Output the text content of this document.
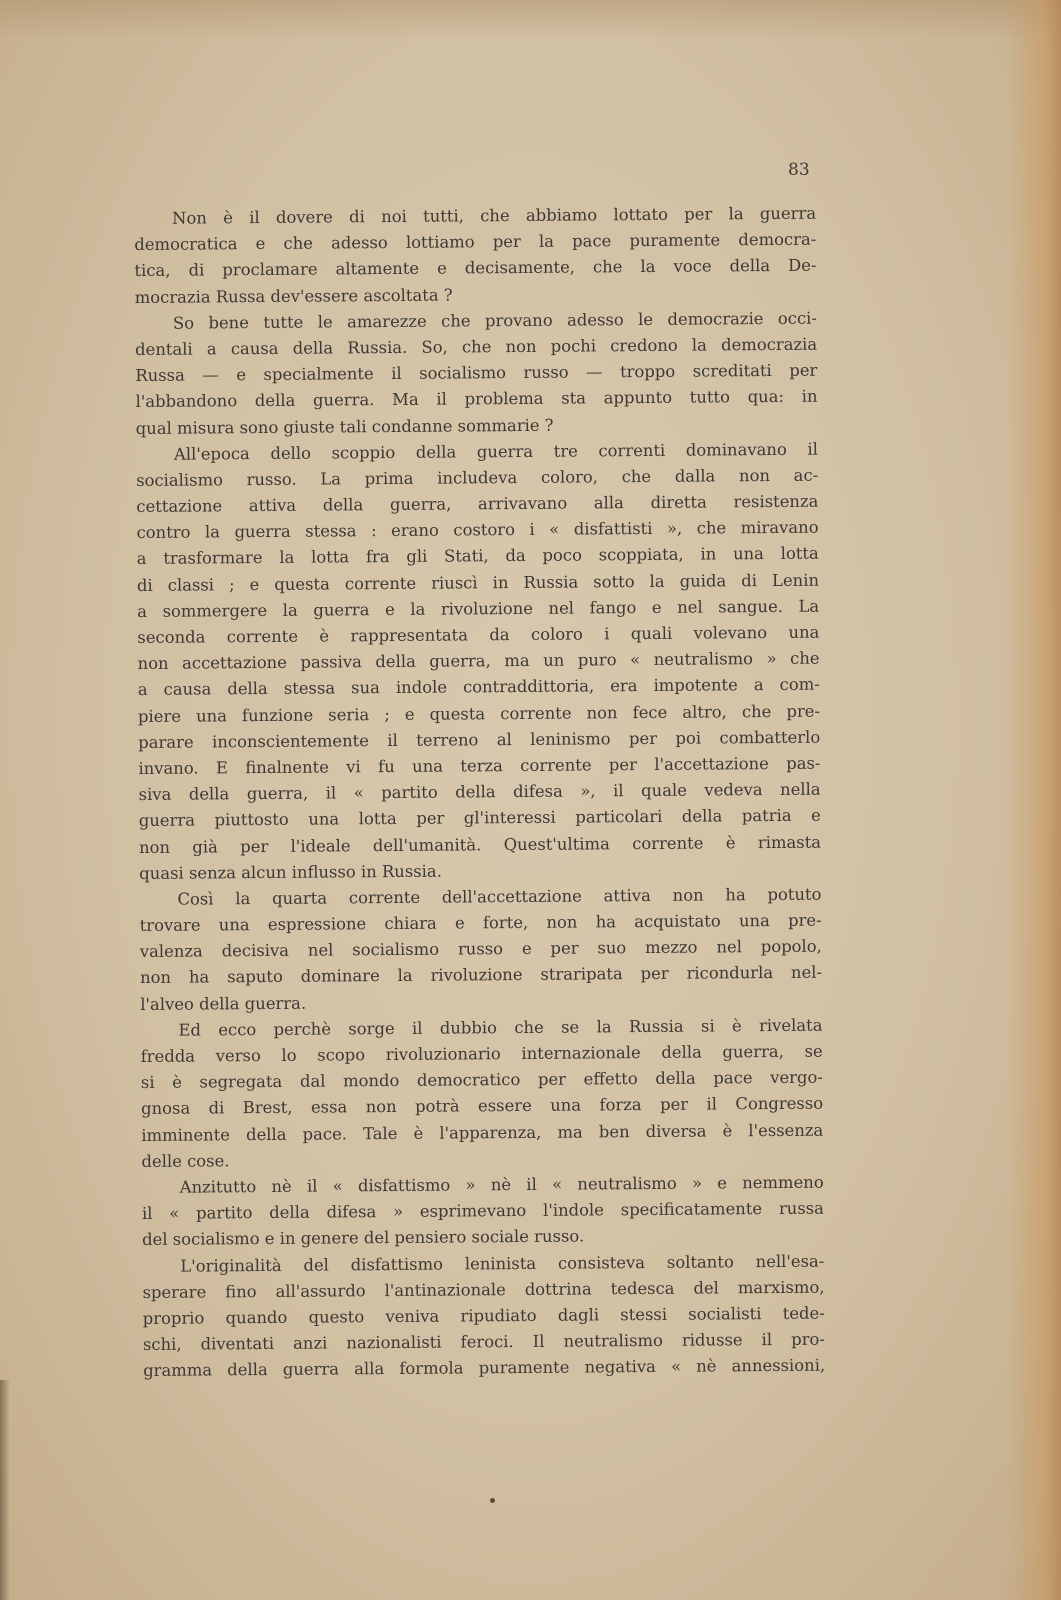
83
Non è il dovere di noi tutti, che abbiamo lottato per la guerra
democratica e che adesso lottiamo per la pace puramente democra-
tica, di proclamare altamente e decisamente, che la voce della De-
mocrazia Russa dev'essere ascoltata ?
So bene tutte le amarezze che provano adesso le democrazie occi-
dentali a causa della Russia. So, che non pochi credono la democrazia
Russa — e specialmente il socialismo russo — troppo screditati per
l'abbandono della guerra. Ma il problema sta appunto tutto qua: in
qual misura sono giuste tali condanne sommarie ?
All'epoca dello scoppio della guerra tre correnti dominavano il
socialismo russo. La prima includeva coloro, che dalla non ac-
cettazione attiva della guerra, arrivavano alla diretta resistenza
contro la guerra stessa : erano costoro i « disfattisti », che miravano
a trasformare la lotta fra gli Stati, da poco scoppiata, in una lotta
di classi ; e questa corrente riuscì in Russia sotto la guida di Lenin
a sommergere la guerra e la rivoluzione nel fango e nel sangue. La
seconda corrente è rappresentata da coloro i quali volevano una
non accettazione passiva della guerra, ma un puro « neutralismo » che
a causa della stessa sua indole contraddittoria, era impotente a com-
piere una funzione seria ; e questa corrente non fece altro, che pre-
parare inconscientemente il terreno al leninismo per poi combatterlo
invano. E finalnente vi fu una terza corrente per l'accettazione pas-
siva della guerra, il « partito della difesa », il quale vedeva nella
guerra piuttosto una lotta per gl'interessi particolari della patria e
non già per l'ideale dell'umanità. Quest'ultima corrente è rimasta
quasi senza alcun influsso in Russia.
Così la quarta corrente dell'accettazione attiva non ha potuto
trovare una espressione chiara e forte, non ha acquistato una pre-
valenza decisiva nel socialismo russo e per suo mezzo nel popolo,
non ha saputo dominare la rivoluzione straripata per ricondurla nel-
l'alveo della guerra.
Ed ecco perchè sorge il dubbio che se la Russia si è rivelata
fredda verso lo scopo rivoluzionario internazionale della guerra, se
si è segregata dal mondo democratico per effetto della pace vergo-
gnosa di Brest, essa non potrà essere una forza per il Congresso
imminente della pace. Tale è l'apparenza, ma ben diversa è l'essenza
delle cose.
Anzitutto nè il « disfattismo » nè il « neutralismo » e nemmeno
il « partito della difesa » esprimevano l'indole specificatamente russa
del socialismo e in genere del pensiero sociale russo.
L'originalità del disfattismo leninista consisteva soltanto nell'esa-
sperare fino all'assurdo l'antinazionale dottrina tedesca del marxismo,
proprio quando questo veniva ripudiato dagli stessi socialisti tede-
schi, diventati anzi nazionalisti feroci. Il neutralismo ridusse il pro-
gramma della guerra alla formola puramente negativa « nè annessioni,
